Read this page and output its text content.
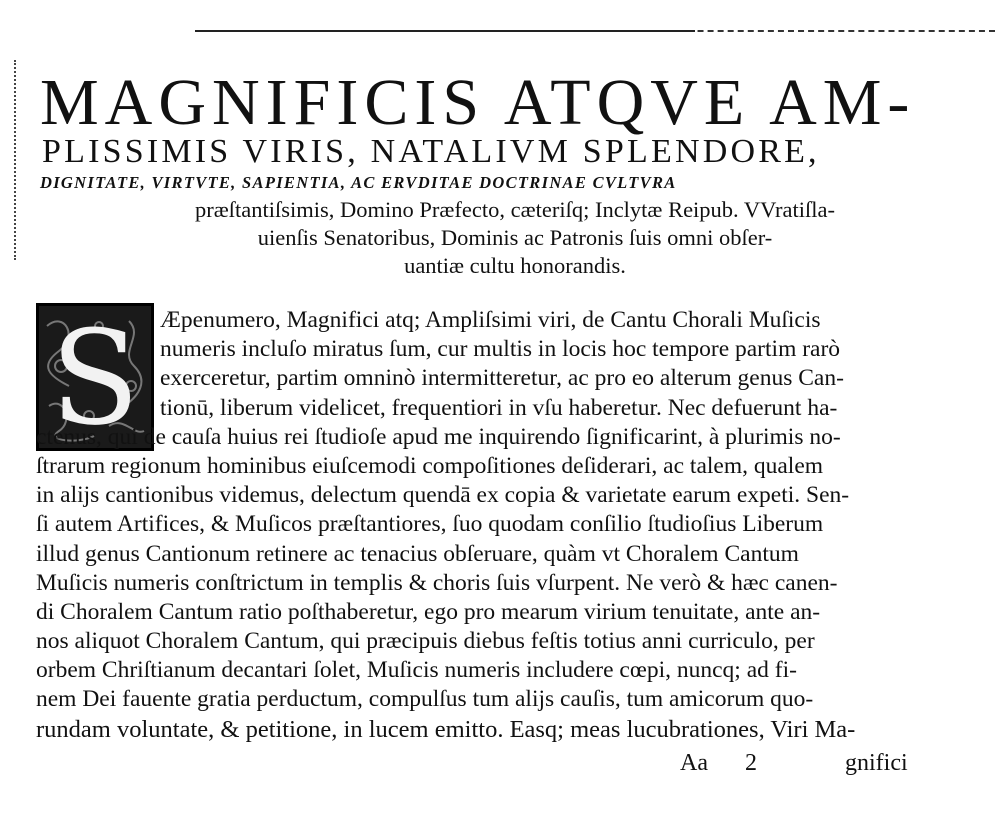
MAGNIFICIS ATQVE AM-
PLISSIMIS VIRIS, NATALIVM SPLENDORE,
DIGNITATE, VIRTVTE, SAPIENTIA, AC ERVDITAE DOCTRINAE CVLTVRA
præſtantiſsimis, Domino Præfecto, cæteriſq; Inclytæ Reipub. VVratiſla-
uienſis Senatoribus, Dominis ac Patronis ſuis omni obſer-
uantiæ cultu honorandis.
S Æpenumero, Magnifici atq; Ampliſsimi viri, de Cantu Chorali Muſicis
numeris incluſo miratus ſum, cur multis in locis hoc tempore partim rarò
exerceretur, partim omninò intermitteretur, ac pro eo alterum genus Can-
tionū, liberum videlicet, frequentiori in vſu haberetur. Nec defuerunt ha-
ctenus, qui de cauſa huius rei ſtudioſe apud me inquirendo ſignificarint, à plurimis no-
ſtrarum regionum hominibus eiuſcemodi compoſitiones deſiderari, ac talem, qualem
in alijs cantionibus videmus, delectum quendā ex copia & varietate earum expeti. Sen-
ſi autem Artifices, & Muſicos præſtantiores, ſuo quodam conſilio ſtudioſius Liberum
illud genus Cantionum retinere ac tenacius obſeruare, quàm vt Choralem Cantum
Muſicis numeris conſtrictum in templis & choris ſuis vſurpent. Ne verò & hæc canen-
di Choralem Cantum ratio poſthaberetur, ego pro mearum virium tenuitate, ante an-
nos aliquot Choralem Cantum, qui præcipuis diebus feſtis totius anni curriculo, per
orbem Chriſtianum decantari ſolet, Muſicis numeris includere cœpi, nuncq; ad fi-
nem Dei fauente gratia perductum, compulſus tum alijs cauſis, tum amicorum quo-
rundam voluntate, & petitione, in lucem emitto. Easq; meas lucubrationes, Viri Ma-
Aa 2	gnifici
